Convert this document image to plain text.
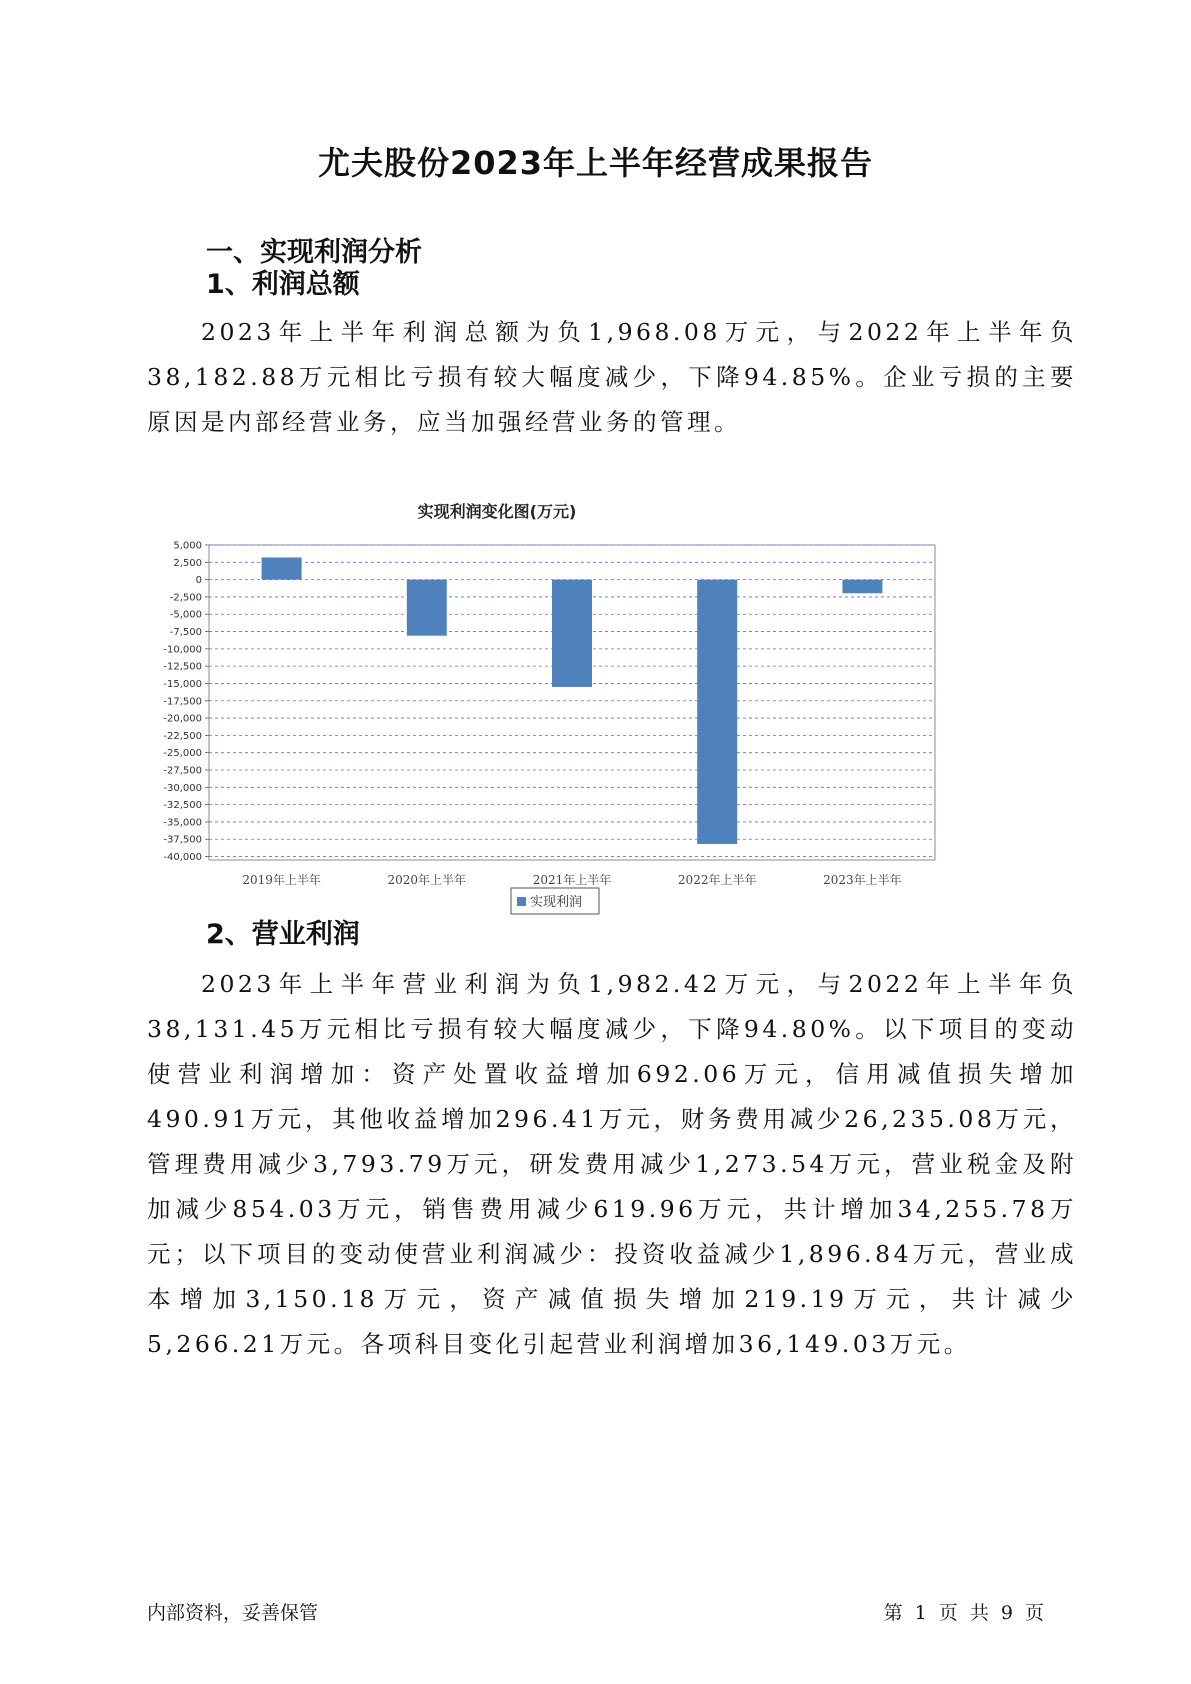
尤夫股份2023年上半年经营成果报告
一、实现利润分析
1、利润总额

2023年上半年利润总额为负1,968.08万元，与2022年上半年负38,182.88万元相比亏损有较大幅度减少，下降94.85%。企业亏损的主要原因是内部经营业务，应当加强经营业务的管理。

实现利润变化图(万元)
5,000
2,500
0
-2,500
-5,000
-7,500
-10,000
-12,500
-15,000
-17,500
-20,000
-22,500
-25,000
-27,500
-30,000
-32,500
-35,000
-37,500
-40,000
2019年上半年	2020年上半年	2021年上半年	2022年上半年	2023年上半年
实现利润
2、营业利润

2023年上半年营业利润为负1,982.42万元，与2022年上半年负38,131.45万元相比亏损有较大幅度减少，下降94.80%。以下项目的变动使营业利润增加：资产处置收益增加692.06万元，信用减值损失增加490.91万元，其他收益增加296.41万元，财务费用减少26,235.08万元，管理费用减少3,793.79万元，研发费用减少1,273.54万元，营业税金及附加减少854.03万元，销售费用减少619.96万元，共计增加34,255.78万元；以下项目的变动使营业利润减少：投资收益减少1,896.84万元，营业成本增加3,150.18万元，资产减值损失增加219.19万元，共计减少5,266.21万元。各项科目变化引起营业利润增加36,149.03万元。

内部资料，妥善保管	第 1 页 共 9 页
